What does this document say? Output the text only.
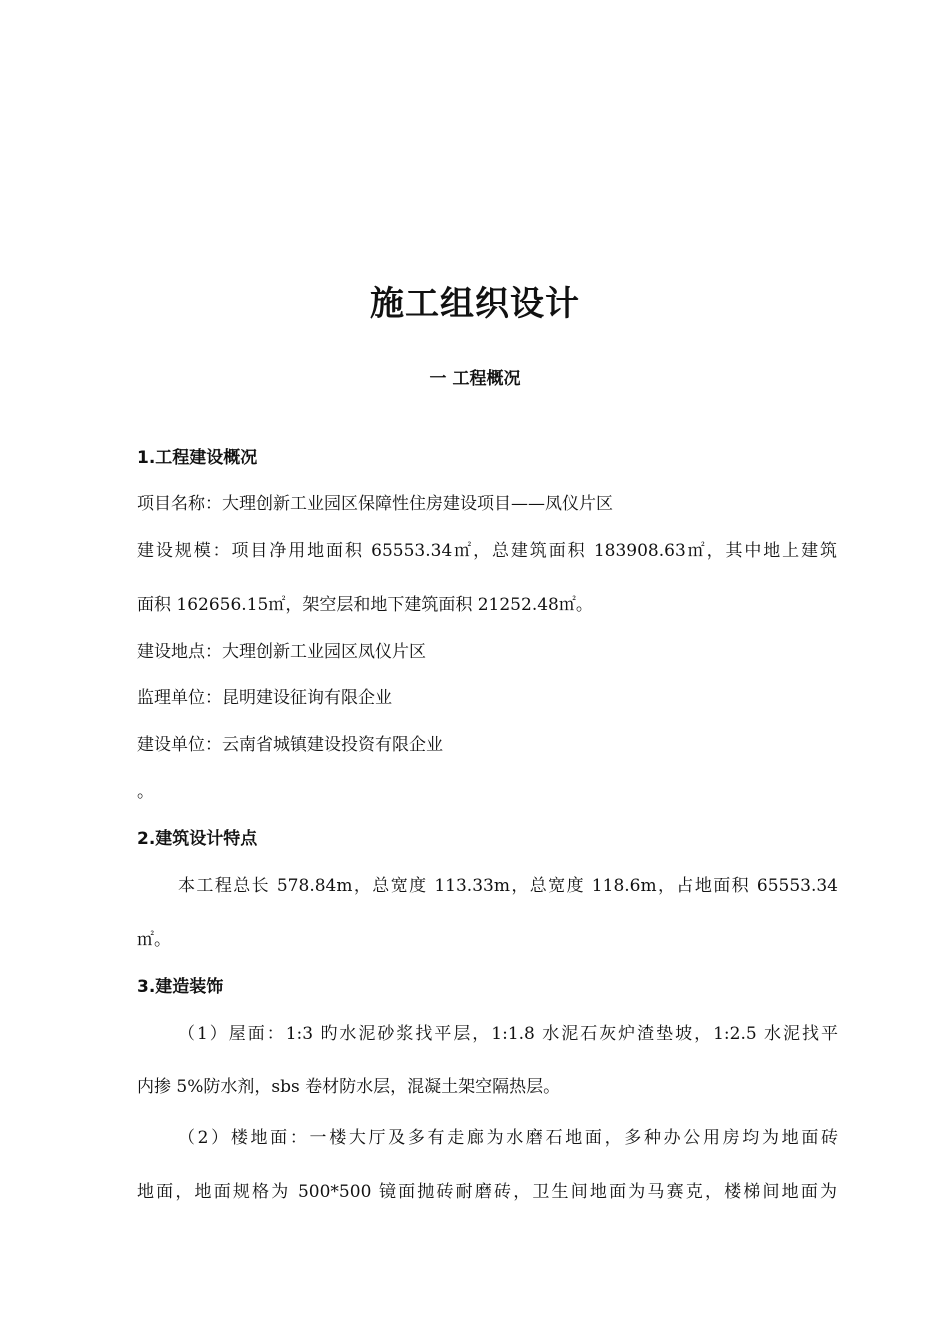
施工组织设计
一 工程概况
1.工程建设概况
项目名称：大理创新工业园区保障性住房建设项目——凤仪片区
建设规模：项目净用地面积 65553.34㎡，总建筑面积 183908.63㎡，其中地上建筑
面积 162656.15㎡，架空层和地下建筑面积 21252.48㎡。
建设地点：大理创新工业园区凤仪片区
监理单位：昆明建设征询有限企业
建设单位：云南省城镇建设投资有限企业
。
2.建筑设计特点
本工程总长 578.84m，总宽度 113.33m，总宽度 118.6m，占地面积 65553.34
㎡。
3.建造装饰
（1）屋面：1:3 旳水泥砂浆找平层，1:1.8 水泥石灰炉渣垫坡，1:2.5 水泥找平
内掺 5%防水剂，sbs 卷材防水层，混凝土架空隔热层。
（2）楼地面：一楼大厅及多有走廊为水磨石地面，多种办公用房均为地面砖
地面，地面规格为 500*500 镜面抛砖耐磨砖，卫生间地面为马赛克，楼梯间地面为
